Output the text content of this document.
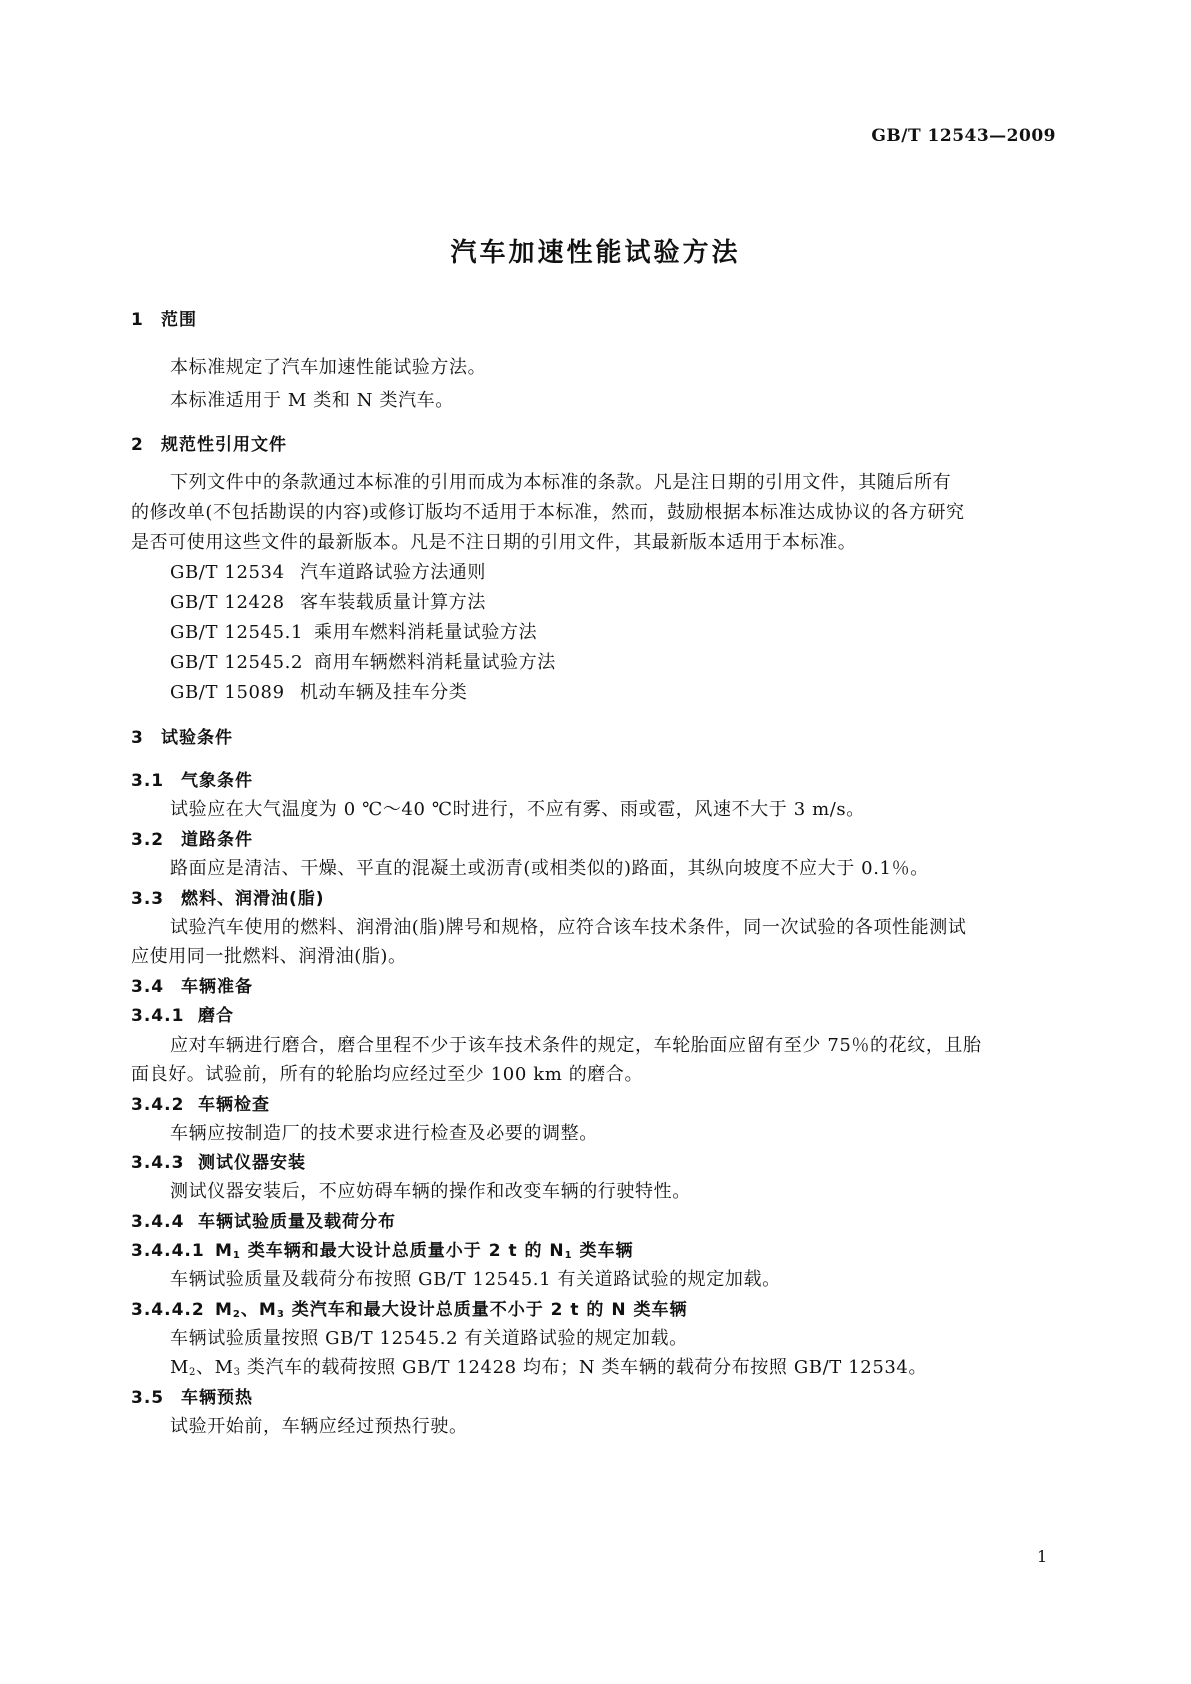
GB/T 12543—2009
汽车加速性能试验方法
1 范围
本标准规定了汽车加速性能试验方法。
本标准适用于 M 类和 N 类汽车。
2 规范性引用文件
下列文件中的条款通过本标准的引用而成为本标准的条款。凡是注日期的引用文件，其随后所有
的修改单(不包括勘误的内容)或修订版均不适用于本标准，然而，鼓励根据本标准达成协议的各方研究
是否可使用这些文件的最新版本。凡是不注日期的引用文件，其最新版本适用于本标准。
GB/T 12534 汽车道路试验方法通则
GB/T 12428 客车装载质量计算方法
GB/T 12545.1 乘用车燃料消耗量试验方法
GB/T 12545.2 商用车辆燃料消耗量试验方法
GB/T 15089 机动车辆及挂车分类
3 试验条件
3.1 气象条件
试验应在大气温度为 0 ℃～40 ℃时进行，不应有雾、雨或雹，风速不大于 3 m/s。
3.2 道路条件
路面应是清洁、干燥、平直的混凝土或沥青(或相类似的)路面，其纵向坡度不应大于 0.1％。
3.3 燃料、润滑油(脂)
试验汽车使用的燃料、润滑油(脂)牌号和规格，应符合该车技术条件，同一次试验的各项性能测试
应使用同一批燃料、润滑油(脂)。
3.4 车辆准备
3.4.1 磨合
应对车辆进行磨合，磨合里程不少于该车技术条件的规定，车轮胎面应留有至少 75％的花纹，且胎
面良好。试验前，所有的轮胎均应经过至少 100 km 的磨合。
3.4.2 车辆检查
车辆应按制造厂的技术要求进行检查及必要的调整。
3.4.3 测试仪器安装
测试仪器安装后，不应妨碍车辆的操作和改变车辆的行驶特性。
3.4.4 车辆试验质量及载荷分布
3.4.4.1 $M_1$ 类车辆和最大设计总质量小于 2 t 的 $N_1$ 类车辆
车辆试验质量及载荷分布按照 GB/T 12545.1 有关道路试验的规定加载。
3.4.4.2 $M_2$、$M_3$ 类汽车和最大设计总质量不小于 2 t 的 N 类车辆
车辆试验质量按照 GB/T 12545.2 有关道路试验的规定加载。
$M_2$、$M_3$ 类汽车的载荷按照 GB/T 12428 均布；N 类车辆的载荷分布按照 GB/T 12534。
3.5 车辆预热
试验开始前，车辆应经过预热行驶。
1
